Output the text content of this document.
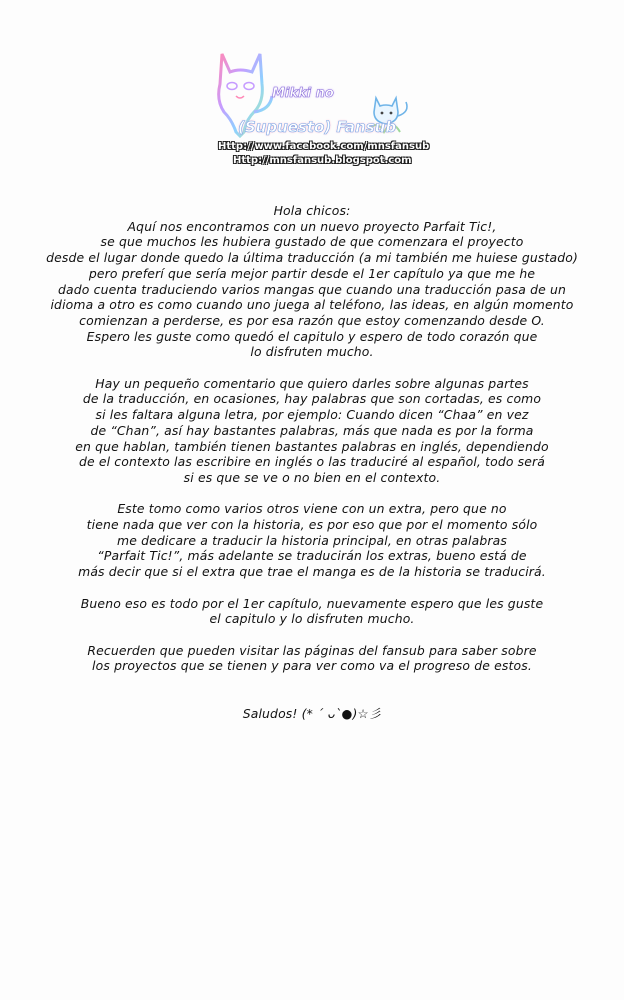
Mikki no
(Supuesto) Fansub
Http://www.facebook.com/mnsfansub
Http://mnsfansub.blogspot.com
Hola chicos:
Aquí nos encontramos con un nuevo proyecto Parfait Tic!,
se que muchos les hubiera gustado de que comenzara el proyecto
desde el lugar donde quedo la última traducción (a mi también me huiese gustado)
pero preferí que sería mejor partir desde el 1er capítulo ya que me he
dado cuenta traduciendo varios mangas que cuando una traducción pasa de un
idioma a otro es como cuando uno juega al teléfono, las ideas, en algún momento
comienzan a perderse, es por esa razón que estoy comenzando desde O.
Espero les guste como quedó el capitulo y espero de todo corazón que
lo disfruten mucho.
Hay un pequeño comentario que quiero darles sobre algunas partes
de la traducción, en ocasiones, hay palabras que son cortadas, es como
si les faltara alguna letra, por ejemplo: Cuando dicen “Chaa” en vez
de “Chan”, así hay bastantes palabras, más que nada es por la forma
en que hablan, también tienen bastantes palabras en inglés, dependiendo
de el contexto las escribire en inglés o las traduciré al español, todo será
si es que se ve o no bien en el contexto.
Este tomo como varios otros viene con un extra, pero que no
tiene nada que ver con la historia, es por eso que por el momento sólo
me dedicare a traducir la historia principal, en otras palabras
“Parfait Tic!”, más adelante se traducirán los extras, bueno está de
más decir que si el extra que trae el manga es de la historia se traducirá.
Bueno eso es todo por el 1er capítulo, nuevamente espero que les guste
el capitulo y lo disfruten mucho.
Recuerden que pueden visitar las páginas del fansub para saber sobre
los proyectos que se tienen y para ver como va el progreso de estos.
Saludos! (* ´ ᴗ`●)☆彡
